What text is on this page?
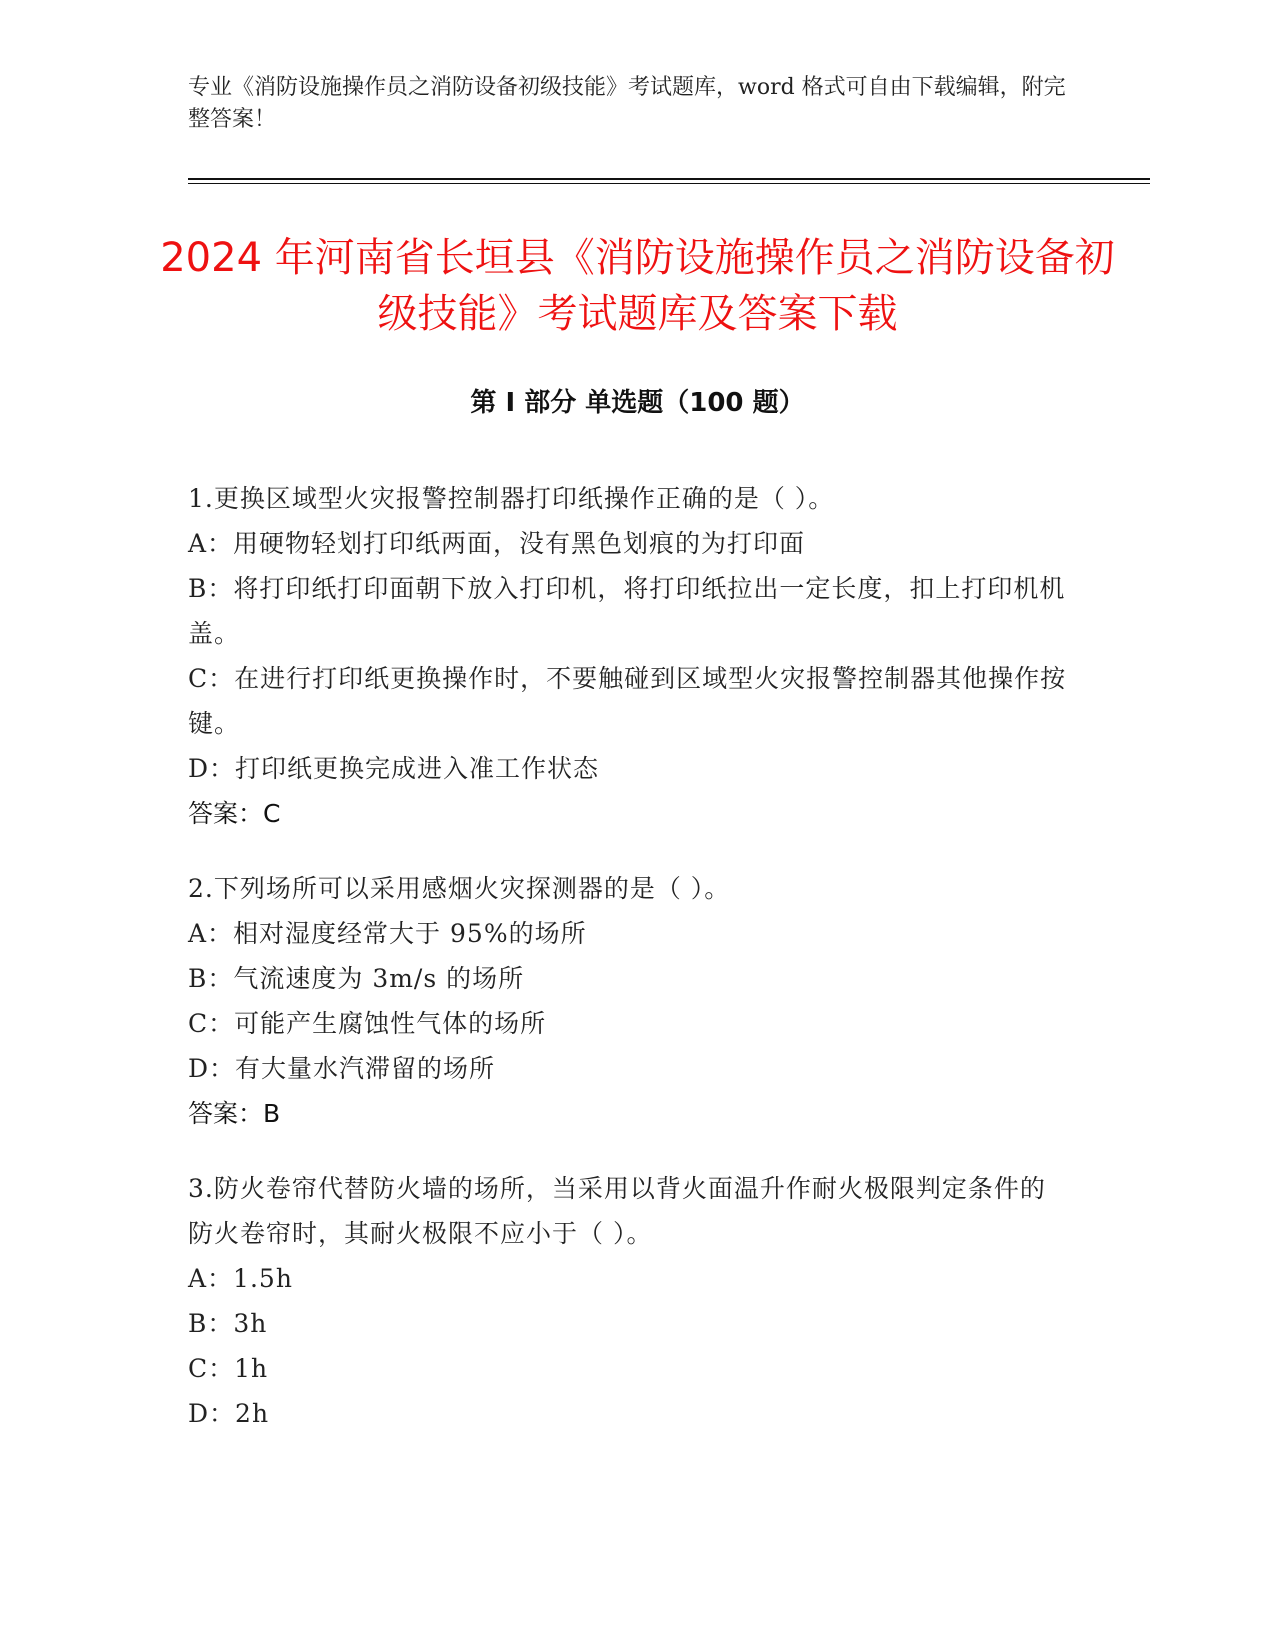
专业《消防设施操作员之消防设备初级技能》考试题库，word 格式可自由下载编辑，附完整答案！
2024 年河南省长垣县《消防设施操作员之消防设备初级技能》考试题库及答案下载
第 I 部分 单选题（100 题）
1.更换区域型火灾报警控制器打印纸操作正确的是（ ）。
A：用硬物轻划打印纸两面，没有黑色划痕的为打印面
B：将打印纸打印面朝下放入打印机，将打印纸拉出一定长度，扣上打印机机盖。
C：在进行打印纸更换操作时，不要触碰到区域型火灾报警控制器其他操作按键。
D：打印纸更换完成进入准工作状态
答案：C
2.下列场所可以采用感烟火灾探测器的是（ ）。
A：相对湿度经常大于 95%的场所
B：气流速度为 3m/s 的场所
C：可能产生腐蚀性气体的场所
D：有大量水汽滞留的场所
答案：B
3.防火卷帘代替防火墙的场所，当采用以背火面温升作耐火极限判定条件的防火卷帘时，其耐火极限不应小于（ ）。
A：1.5h
B：3h
C：1h
D：2h
